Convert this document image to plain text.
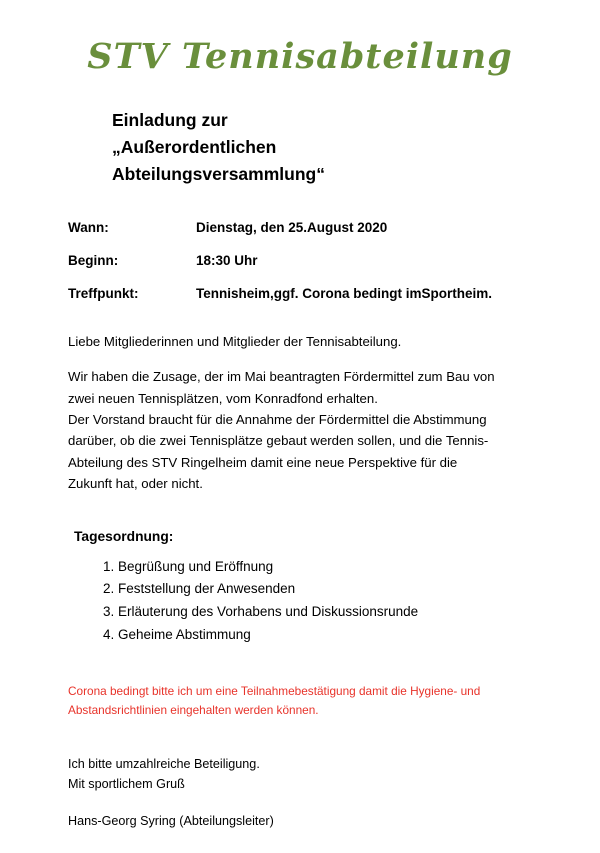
STV Tennisabteilung
Einladung zur
„Außerordentlichen
Abteilungsversammlung“
Wann:	Dienstag, den 25.August 2020
Beginn:	18:30 Uhr
Treffpunkt:	Tennisheim,ggf. Corona bedingt imSportheim.
Liebe Mitgliederinnen und Mitglieder der Tennisabteilung.

Wir haben die Zusage, der im Mai beantragten Fördermittel zum Bau von

zwei neuen Tennisplätzen, vom Konradfond erhalten.

Der Vorstand braucht für die Annahme der Fördermittel die Abstimmung

darüber, ob die zwei Tennisplätze gebaut werden sollen, und die Tennis-

Abteilung des STV Ringelheim damit eine neue Perspektive für die

Zukunft hat, oder nicht.

Tagesordnung:
1. Begrüßung und Eröffnung
2. Feststellung der Anwesenden
3. Erläuterung des Vorhabens und Diskussionsrunde
4. Geheime Abstimmung
Corona bedingt bitte ich um eine Teilnahmebestätigung damit die Hygiene- und
Abstandsrichtlinien eingehalten werden können.
Ich bitte umzahlreiche Beteiligung.
Mit sportlichem Gruß
Hans-Georg Syring (Abteilungsleiter)
